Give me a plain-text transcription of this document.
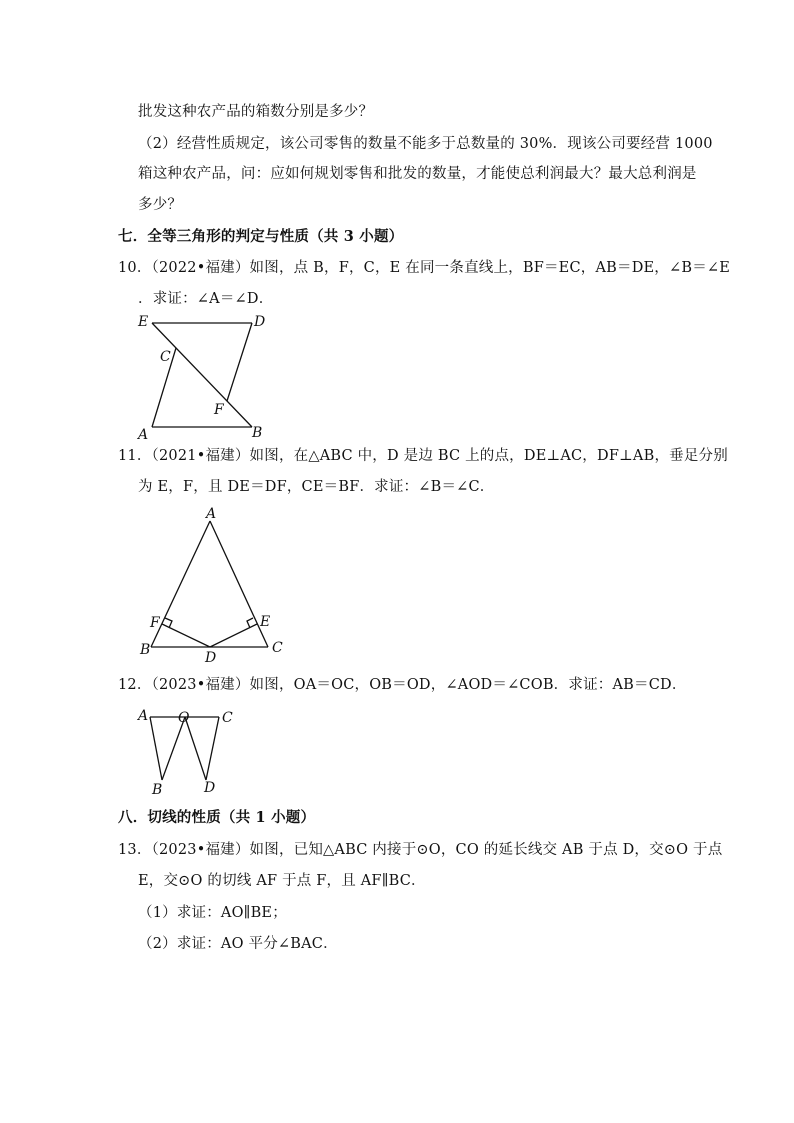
批发这种农产品的箱数分别是多少？
（2）经营性质规定，该公司零售的数量不能多于总数量的 30%．现该公司要经营 1000
箱这种农产品，问：应如何规划零售和批发的数量，才能使总利润最大？最大总利润是
多少？
七．全等三角形的判定与性质（共 3 小题）
10．（2022•福建）如图，点 B，F，C，E 在同一条直线上，BF＝EC，AB＝DE，∠B＝∠E
．求证：∠A＝∠D．
E	D
C
F
A	B
11．（2021•福建）如图，在△ABC 中，D 是边 BC 上的点，DE⊥AC，DF⊥AB，垂足分别
为 E，F，且 DE＝DF，CE＝BF．求证：∠B＝∠C．
A
F	E
B	C
D
12．（2023•福建）如图，OA＝OC，OB＝OD，∠AOD＝∠COB．求证：AB＝CD．
A O C
B	D
八．切线的性质（共 1 小题）
13．（2023•福建）如图，已知△ABC 内接于⊙O，CO 的延长线交 AB 于点 D，交⊙O 于点
E，交⊙O 的切线 AF 于点 F，且 AF∥BC．
（1）求证：AO∥BE；
（2）求证：AO 平分∠BAC．
